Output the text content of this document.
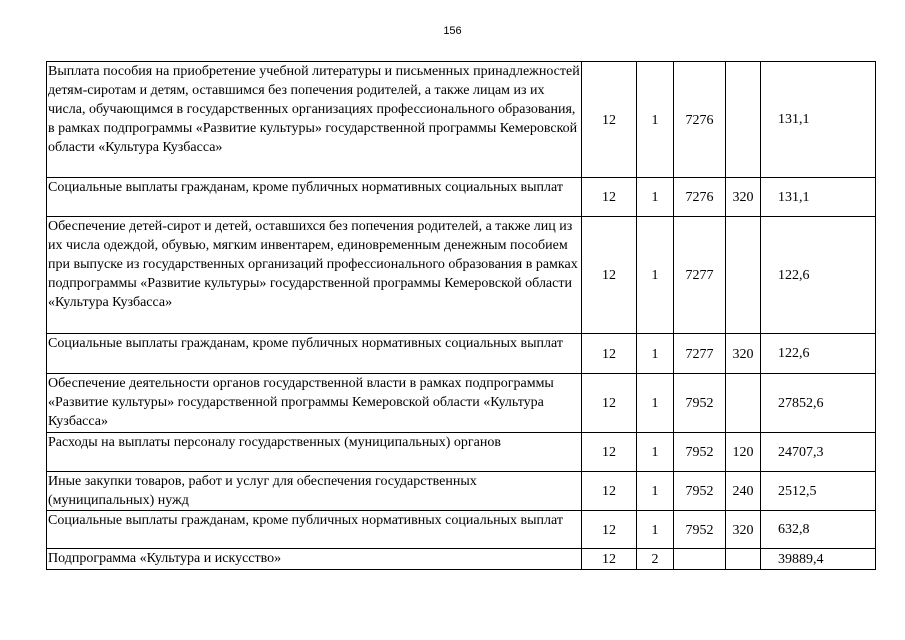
156
Выплата пособия на приобретение учебной литературы и письменных принадлежностей детям-сиротам и детям, оставшимся без попечения родителей, а также лицам из их числа, обучающимся в государственных организациях профессионального образования, в рамках подпрограммы «Развитие культуры» государственной программы Кемеровской области «Культура Кузбасса»	12	1	7276		131,1
Социальные выплаты гражданам, кроме публичных нормативных социальных выплат	12	1	7276	320	131,1
Обеспечение детей-сирот и детей, оставшихся без попечения родителей, а также лиц из их числа одеждой, обувью, мягким инвентарем, единовременным денежным пособием при выпуске из государственных организаций профессионального образования в рамках подпрограммы «Развитие культуры» государственной программы Кемеровской области «Культура Кузбасса»	12	1	7277		122,6
Социальные выплаты гражданам, кроме публичных нормативных социальных выплат	12	1	7277	320	122,6
Обеспечение деятельности органов государственной власти в рамках подпрограммы «Развитие культуры» государственной программы Кемеровской области «Культура Кузбасса»	12	1	7952		27852,6
Расходы на выплаты персоналу государственных (муниципальных) органов	12	1	7952	120	24707,3
Иные закупки товаров, работ и услуг для обеспечения государственных (муниципальных) нужд	12	1	7952	240	2512,5
Социальные выплаты гражданам, кроме публичных нормативных социальных выплат	12	1	7952	320	632,8
Подпрограмма «Культура и искусство»	12	2			39889,4
